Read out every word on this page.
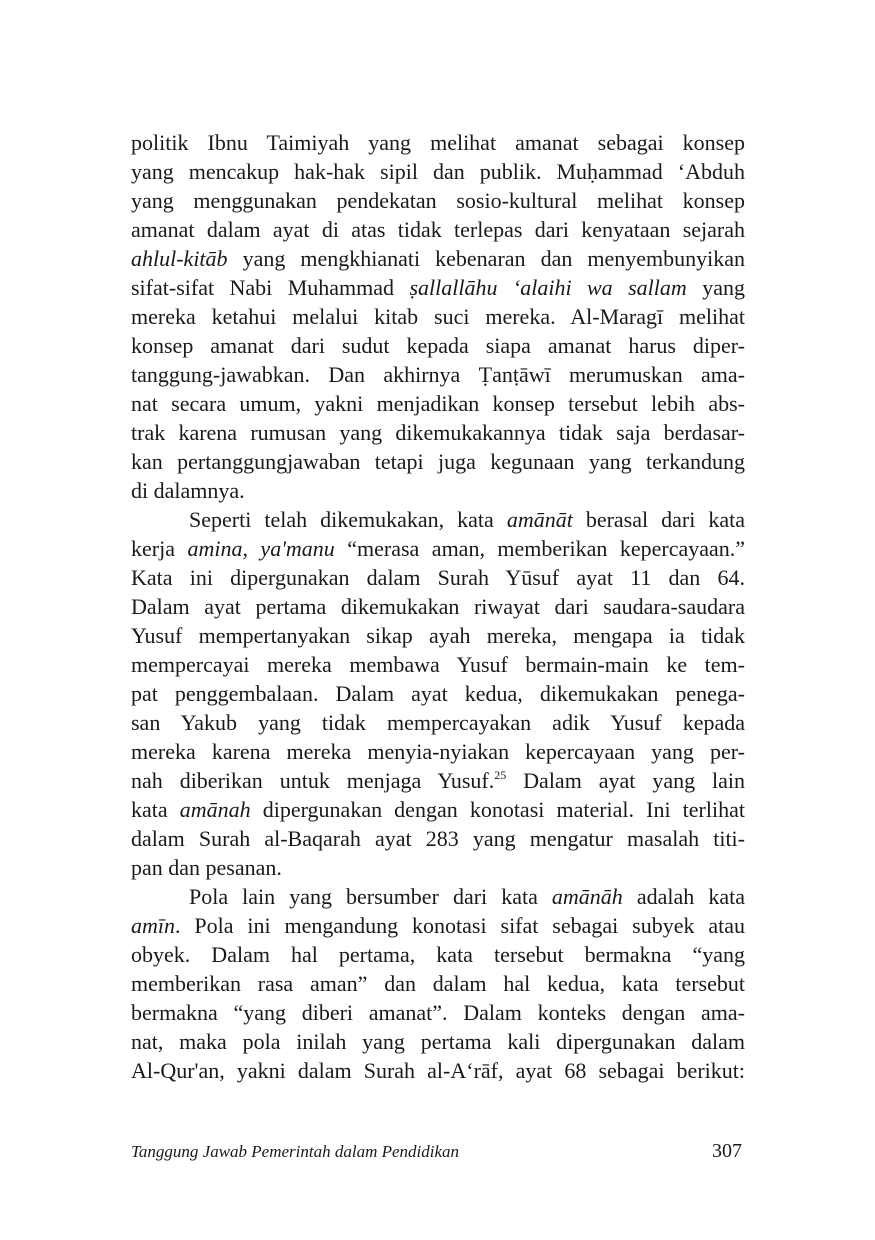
politik Ibnu Taimiyah yang melihat amanat sebagai konsep
yang mencakup hak-hak sipil dan publik. Muḥammad ‘Abduh
yang menggunakan pendekatan sosio-kultural melihat konsep
amanat dalam ayat di atas tidak terlepas dari kenyataan sejarah
ahlul-kitāb yang mengkhianati kebenaran dan menyembunyikan
sifat-sifat Nabi Muhammad ṣallallāhu ‘alaihi wa sallam yang
mereka ketahui melalui kitab suci mereka. Al-Maragī melihat
konsep amanat dari sudut kepada siapa amanat harus diper-
tanggung-jawabkan. Dan akhirnya Ṭanṭāwī merumuskan ama-
nat secara umum, yakni menjadikan konsep tersebut lebih abs-
trak karena rumusan yang dikemukakannya tidak saja berdasar-
kan pertanggungjawaban tetapi juga kegunaan yang terkandung
di dalamnya.
Seperti telah dikemukakan, kata amānāt berasal dari kata
kerja amina, ya'manu “merasa aman, memberikan kepercayaan.”
Kata ini dipergunakan dalam Surah Yūsuf ayat 11 dan 64.
Dalam ayat pertama dikemukakan riwayat dari saudara-saudara
Yusuf mempertanyakan sikap ayah mereka, mengapa ia tidak
mempercayai mereka membawa Yusuf bermain-main ke tem-
pat penggembalaan. Dalam ayat kedua, dikemukakan penega-
san Yakub yang tidak mempercayakan adik Yusuf kepada
mereka karena mereka menyia-nyiakan kepercayaan yang per-
nah diberikan untuk menjaga Yusuf.$^{25}$ Dalam ayat yang lain
kata amānah dipergunakan dengan konotasi material. Ini terlihat
dalam Surah al-Baqarah ayat 283 yang mengatur masalah titi-
pan dan pesanan.
Pola lain yang bersumber dari kata amānāh adalah kata
amīn. Pola ini mengandung konotasi sifat sebagai subyek atau
obyek. Dalam hal pertama, kata tersebut bermakna “yang
memberikan rasa aman” dan dalam hal kedua, kata tersebut
bermakna “yang diberi amanat”. Dalam konteks dengan ama-
nat, maka pola inilah yang pertama kali dipergunakan dalam
Al-Qur'an, yakni dalam Surah al-A‘rāf, ayat 68 sebagai berikut:
Tanggung Jawab Pemerintah dalam Pendidikan	307
